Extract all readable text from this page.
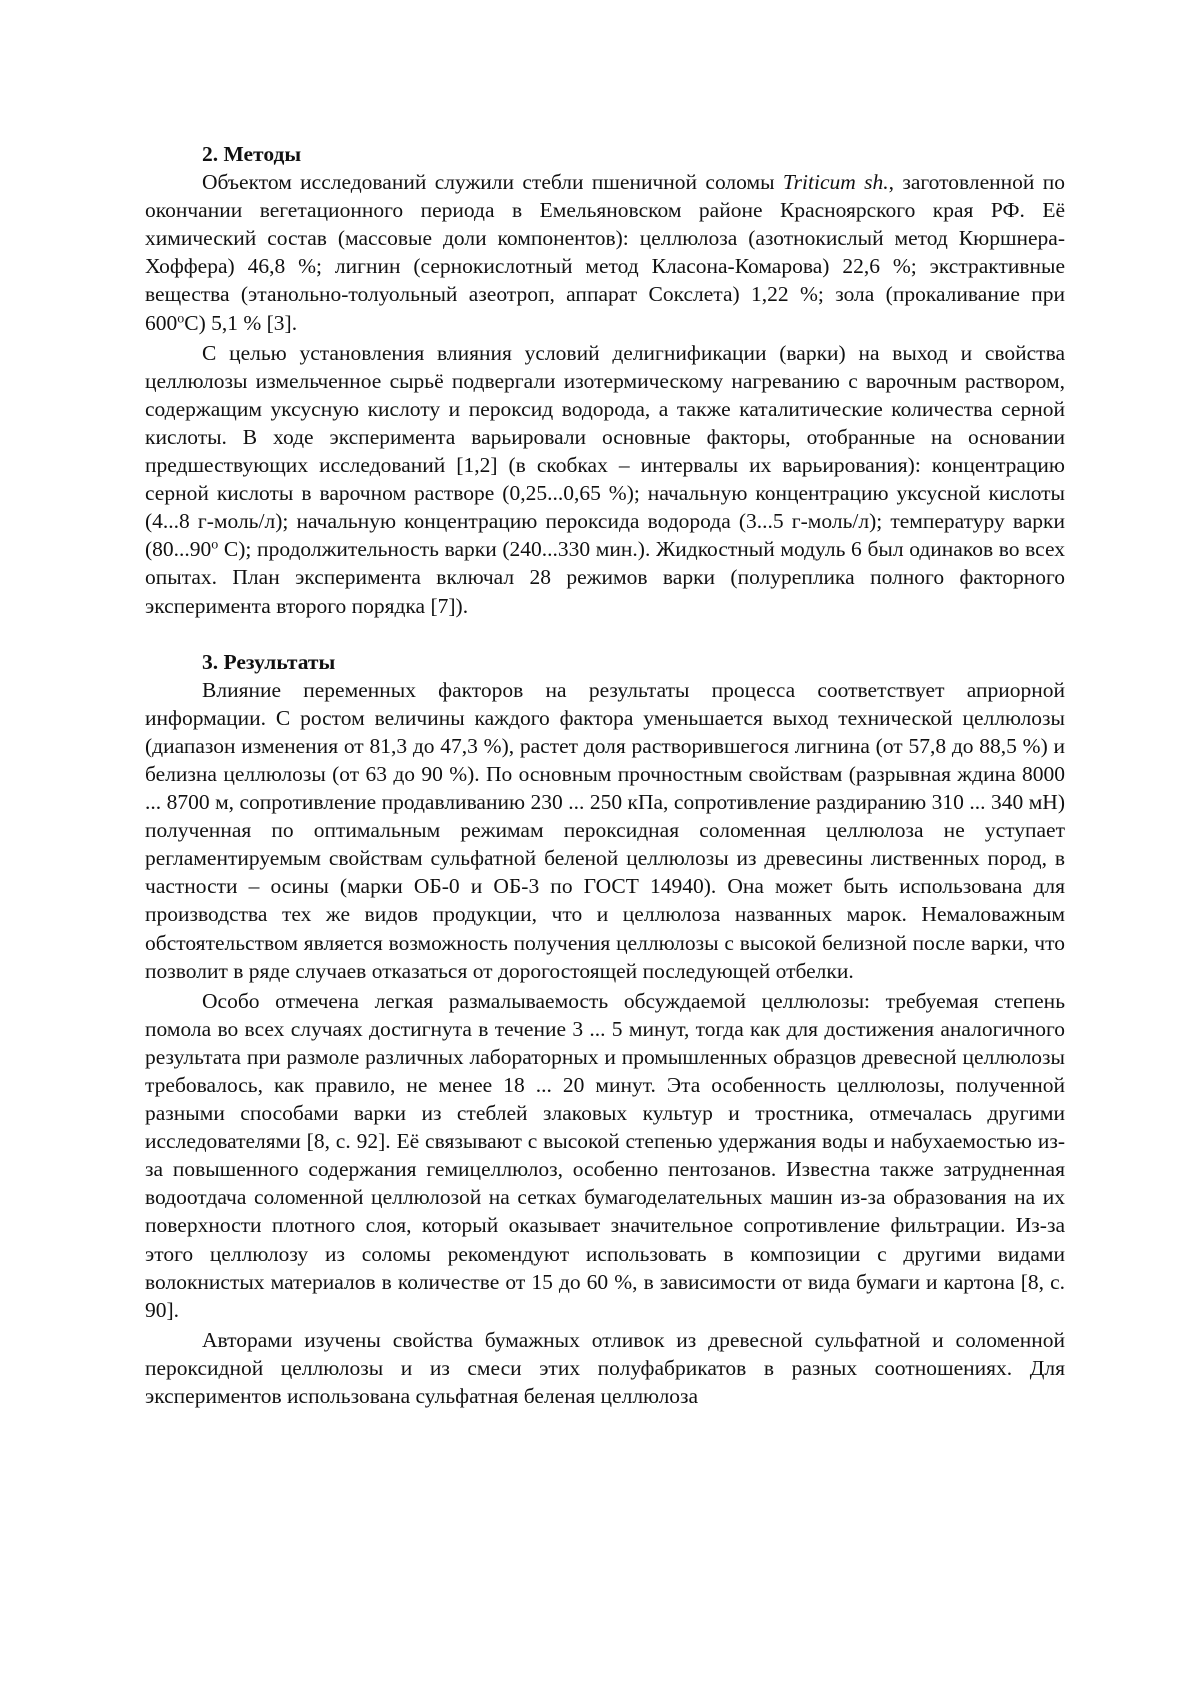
2. Методы

Объектом исследований служили стебли пшеничной соломы Triticum sh., заготовленной по окончании вегетационного периода в Емельяновском районе Красноярского края РФ. Её химический состав (массовые доли компонентов): целлюлоза (азотнокислый метод Кюршнера-Хоффера) 46,8 %; лигнин (сернокислотный метод Класона-Комарова) 22,6 %; экстрактивные вещества (этанольно-толуольный азеотроп, аппарат Сокслета) 1,22 %; зола (прокаливание при 600оС) 5,1 % [3].

С целью установления влияния условий делигнификации (варки) на выход и свойства целлюлозы измельченное сырьё подвергали изотермическому нагреванию с варочным раствором, содержащим уксусную кислоту и пероксид водорода, а также каталитические количества серной кислоты. В ходе эксперимента варьировали основные факторы, отобранные на основании предшествующих исследований [1,2] (в скобках – интервалы их варьирования): концентрацию серной кислоты в варочном растворе (0,25...0,65 %); начальную концентрацию уксусной кислоты (4...8 г-моль/л); начальную концентрацию пероксида водорода (3...5 г-моль/л); температуру варки (80...90о С); продолжительность варки (240...330 мин.). Жидкостный модуль 6 был одинаков во всех опытах. План эксперимента включал 28 режимов варки (полуреплика полного факторного эксперимента второго порядка [7]).

3. Результаты

Влияние переменных факторов на результаты процесса соответствует априорной информации. С ростом величины каждого фактора уменьшается выход технической целлюлозы (диапазон изменения от 81,3 до 47,3 %), растет доля растворившегося лигнина (от 57,8 до 88,5 %) и белизна целлюлозы (от 63 до 90 %). По основным прочностным свойствам (разрывная ждина 8000 ... 8700 м, сопротивление продавливанию 230 ... 250 кПа, сопротивление раздиранию 310 ... 340 мН) полученная по оптимальным режимам пероксидная соломенная целлюлоза не уступает регламентируемым свойствам сульфатной беленой целлюлозы из древесины лиственных пород, в частности – осины (марки ОБ-0 и ОБ-3 по ГОСТ 14940). Она может быть использована для производства тех же видов продукции, что и целлюлоза названных марок. Немаловажным обстоятельством является возможность получения целлюлозы с высокой белизной после варки, что позволит в ряде случаев отказаться от дорогостоящей последующей отбелки.

Особо отмечена легкая размалываемость обсуждаемой целлюлозы: требуемая степень помола во всех случаях достигнута в течение 3 ... 5 минут, тогда как для достижения аналогичного результата при размоле различных лабораторных и промышленных образцов древесной целлюлозы требовалось, как правило, не менее 18 ... 20 минут. Эта особенность целлюлозы, полученной разными способами варки из стеблей злаковых культур и тростника, отмечалась другими исследователями [8, с. 92]. Её связывают с высокой степенью удержания воды и набухаемостью из-за повышенного содержания гемицеллюлоз, особенно пентозанов. Известна также затрудненная водоотдача соломенной целлюлозой на сетках бумагоделательных машин из-за образования на их поверхности плотного слоя, который оказывает значительное сопротивление фильтрации. Из-за этого целлюлозу из соломы рекомендуют использовать в композиции с другими видами волокнистых материалов в количестве от 15 до 60 %, в зависимости от вида бумаги и картона [8, с. 90].

Авторами изучены свойства бумажных отливок из древесной сульфатной и соломенной пероксидной целлюлозы и из смеси этих полуфабрикатов в разных соотношениях. Для экспериментов использована сульфатная беленая целлюлоза
